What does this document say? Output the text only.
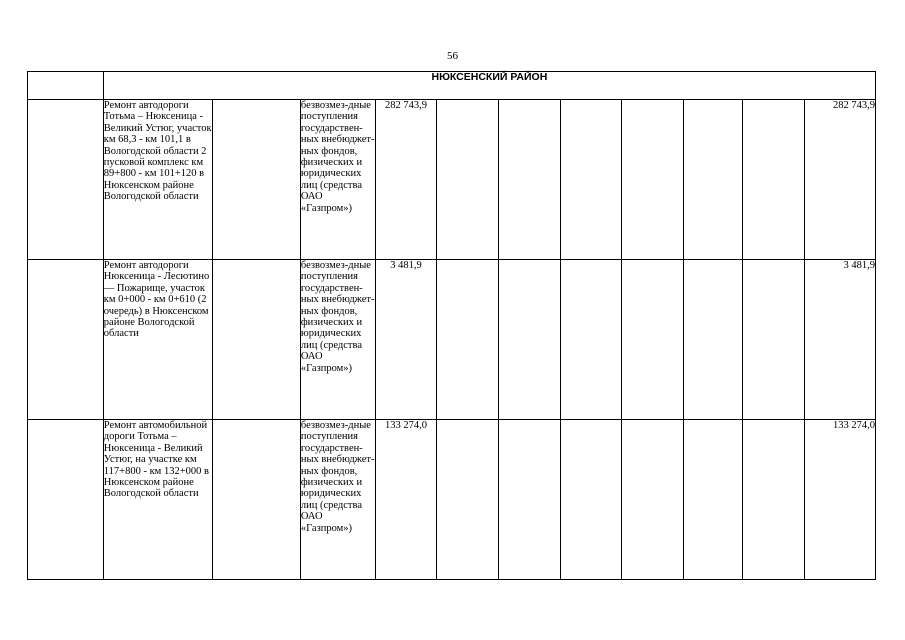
56

	НЮКСЕНСКИЙ РАЙОН										
	Ремонт автодороги Тотьма – Нюксеница - Великий Устюг, участок км 68,3 - км 101,1 в Вологодской области 2 пусковой комплекс км 89+800 - км 101+120 в Нюксенском районе Вологодской области		безвозмез-дные поступления государствен-ных внебюджет-ных фондов, физических и юридических лиц (средства ОАО «Газпром»)	282 743,9							282 743,9
	Ремонт автодороги Нюксеница - Лесютино — Пожарище, участок км 0+000 - км 0+610 (2 очередь) в Нюксенском районе Вологодской области		безвозмез-дные поступления государствен-ных внебюджет-ных фондов, физических и юридических лиц (средства ОАО «Газпром»)	3 481,9							3 481,9
	Ремонт автомобильной дороги Тотьма – Нюксеница - Великий Устюг, на участке км 117+800 - км 132+000 в Нюксенском районе Вологодской области		безвозмез-дные поступления государствен-ных внебюджет-ных фондов, физических и юридических лиц (средства ОАО «Газпром»)	133 274,0							133 274,0
